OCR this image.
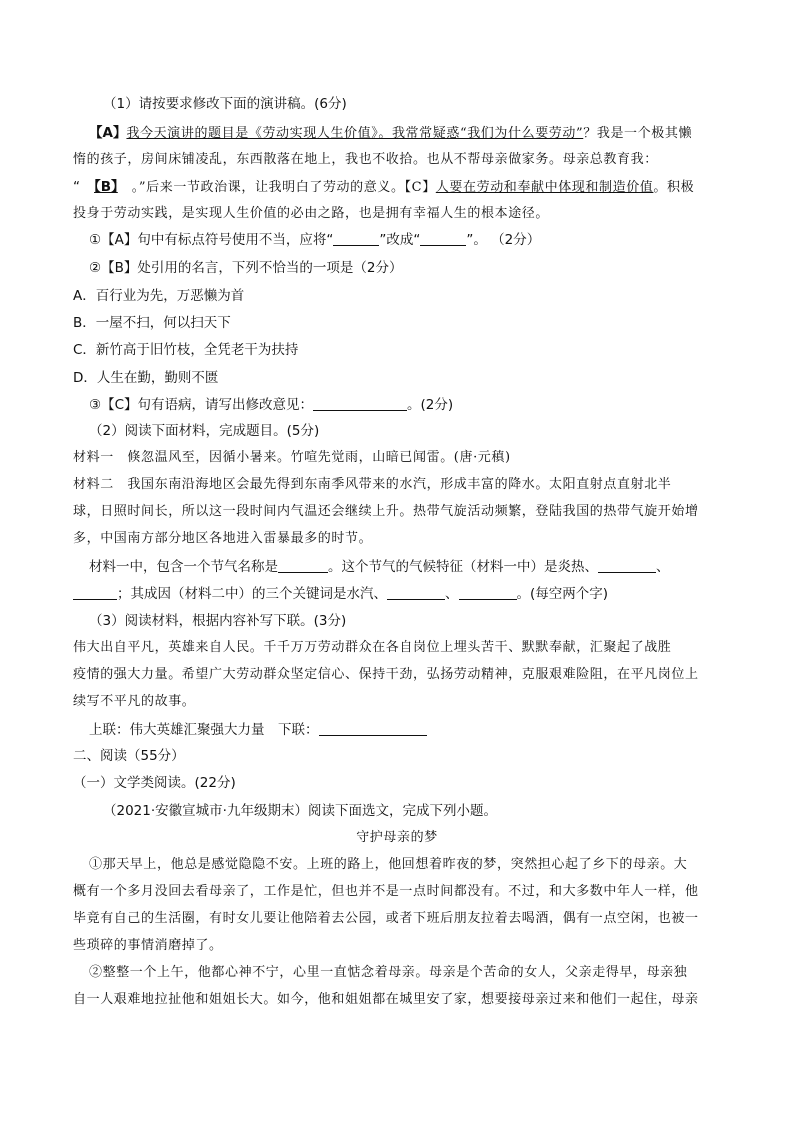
（1）请按要求修改下面的演讲稿。(6分)
【A】我今天演讲的题目是《劳动实现人生价值》。我常常疑惑“我们为什么要劳动”？我是一个极其懒
惰的孩子，房间床铺凌乱，东西散落在地上，我也不收拾。也从不帮母亲做家务。母亲总教育我：
“ 【B】 。”后来一节政治课，让我明白了劳动的意义。【C】人要在劳动和奉献中体现和制造价值。积极
投身于劳动实践，是实现人生价值的必由之路，也是拥有幸福人生的根本途径。
①【A】句中有标点符号使用不当，应将“	”改成“	”。 （2分）
②【B】处引用的名言，下列不恰当的一项是（2分）
A．百行业为先，万恶懒为首
B．一屋不扫，何以扫天下
C．新竹高于旧竹枝，全凭老干为扶持
D．人生在勤，勤则不匮
③【C】句有语病，请写出修改意见：	。(2分)
（2）阅读下面材料，完成题目。(5分)
材料一　倏忽温风至，因循小暑来。竹喧先觉雨，山暗已闻雷。(唐·元稹)
材料二　我国东南沿海地区会最先得到东南季风带来的水汽，形成丰富的降水。太阳直射点直射北半
球，日照时间长，所以这一段时间内气温还会继续上升。热带气旋活动频繁，登陆我国的热带气旋开始增
多，中国南方部分地区各地进入雷暴最多的时节。
材料一中，包含一个节气名称是	。这个节气的气候特征（材料一中）是炎热、	、
；其成因（材料二中）的三个关键词是水汽、	、	。(每空两个字)
（3）阅读材料，根据内容补写下联。(3分)
伟大出自平凡，英雄来自人民。千千万万劳动群众在各自岗位上埋头苦干、默默奉献，汇聚起了战胜
疫情的强大力量。希望广大劳动群众坚定信心、保持干劲，弘扬劳动精神，克服艰难险阻，在平凡岗位上
续写不平凡的故事。
上联：伟大英雄汇聚强大力量　下联：
二、阅读（55分）
（一）文学类阅读。(22分)
（2021·安徽宣城市·九年级期末）阅读下面选文，完成下列小题。
守护母亲的梦
①那天早上，他总是感觉隐隐不安。上班的路上，他回想着昨夜的梦，突然担心起了乡下的母亲。大
概有一个多月没回去看母亲了，工作是忙，但也并不是一点时间都没有。不过，和大多数中年人一样，他
毕竟有自己的生活圈，有时女儿要让他陪着去公园，或者下班后朋友拉着去喝酒，偶有一点空闲，也被一
些琐碎的事情消磨掉了。
②整整一个上午，他都心神不宁，心里一直惦念着母亲。母亲是个苦命的女人，父亲走得早，母亲独
自一人艰难地拉扯他和姐姐长大。如今，他和姐姐都在城里安了家，想要接母亲过来和他们一起住，母亲
